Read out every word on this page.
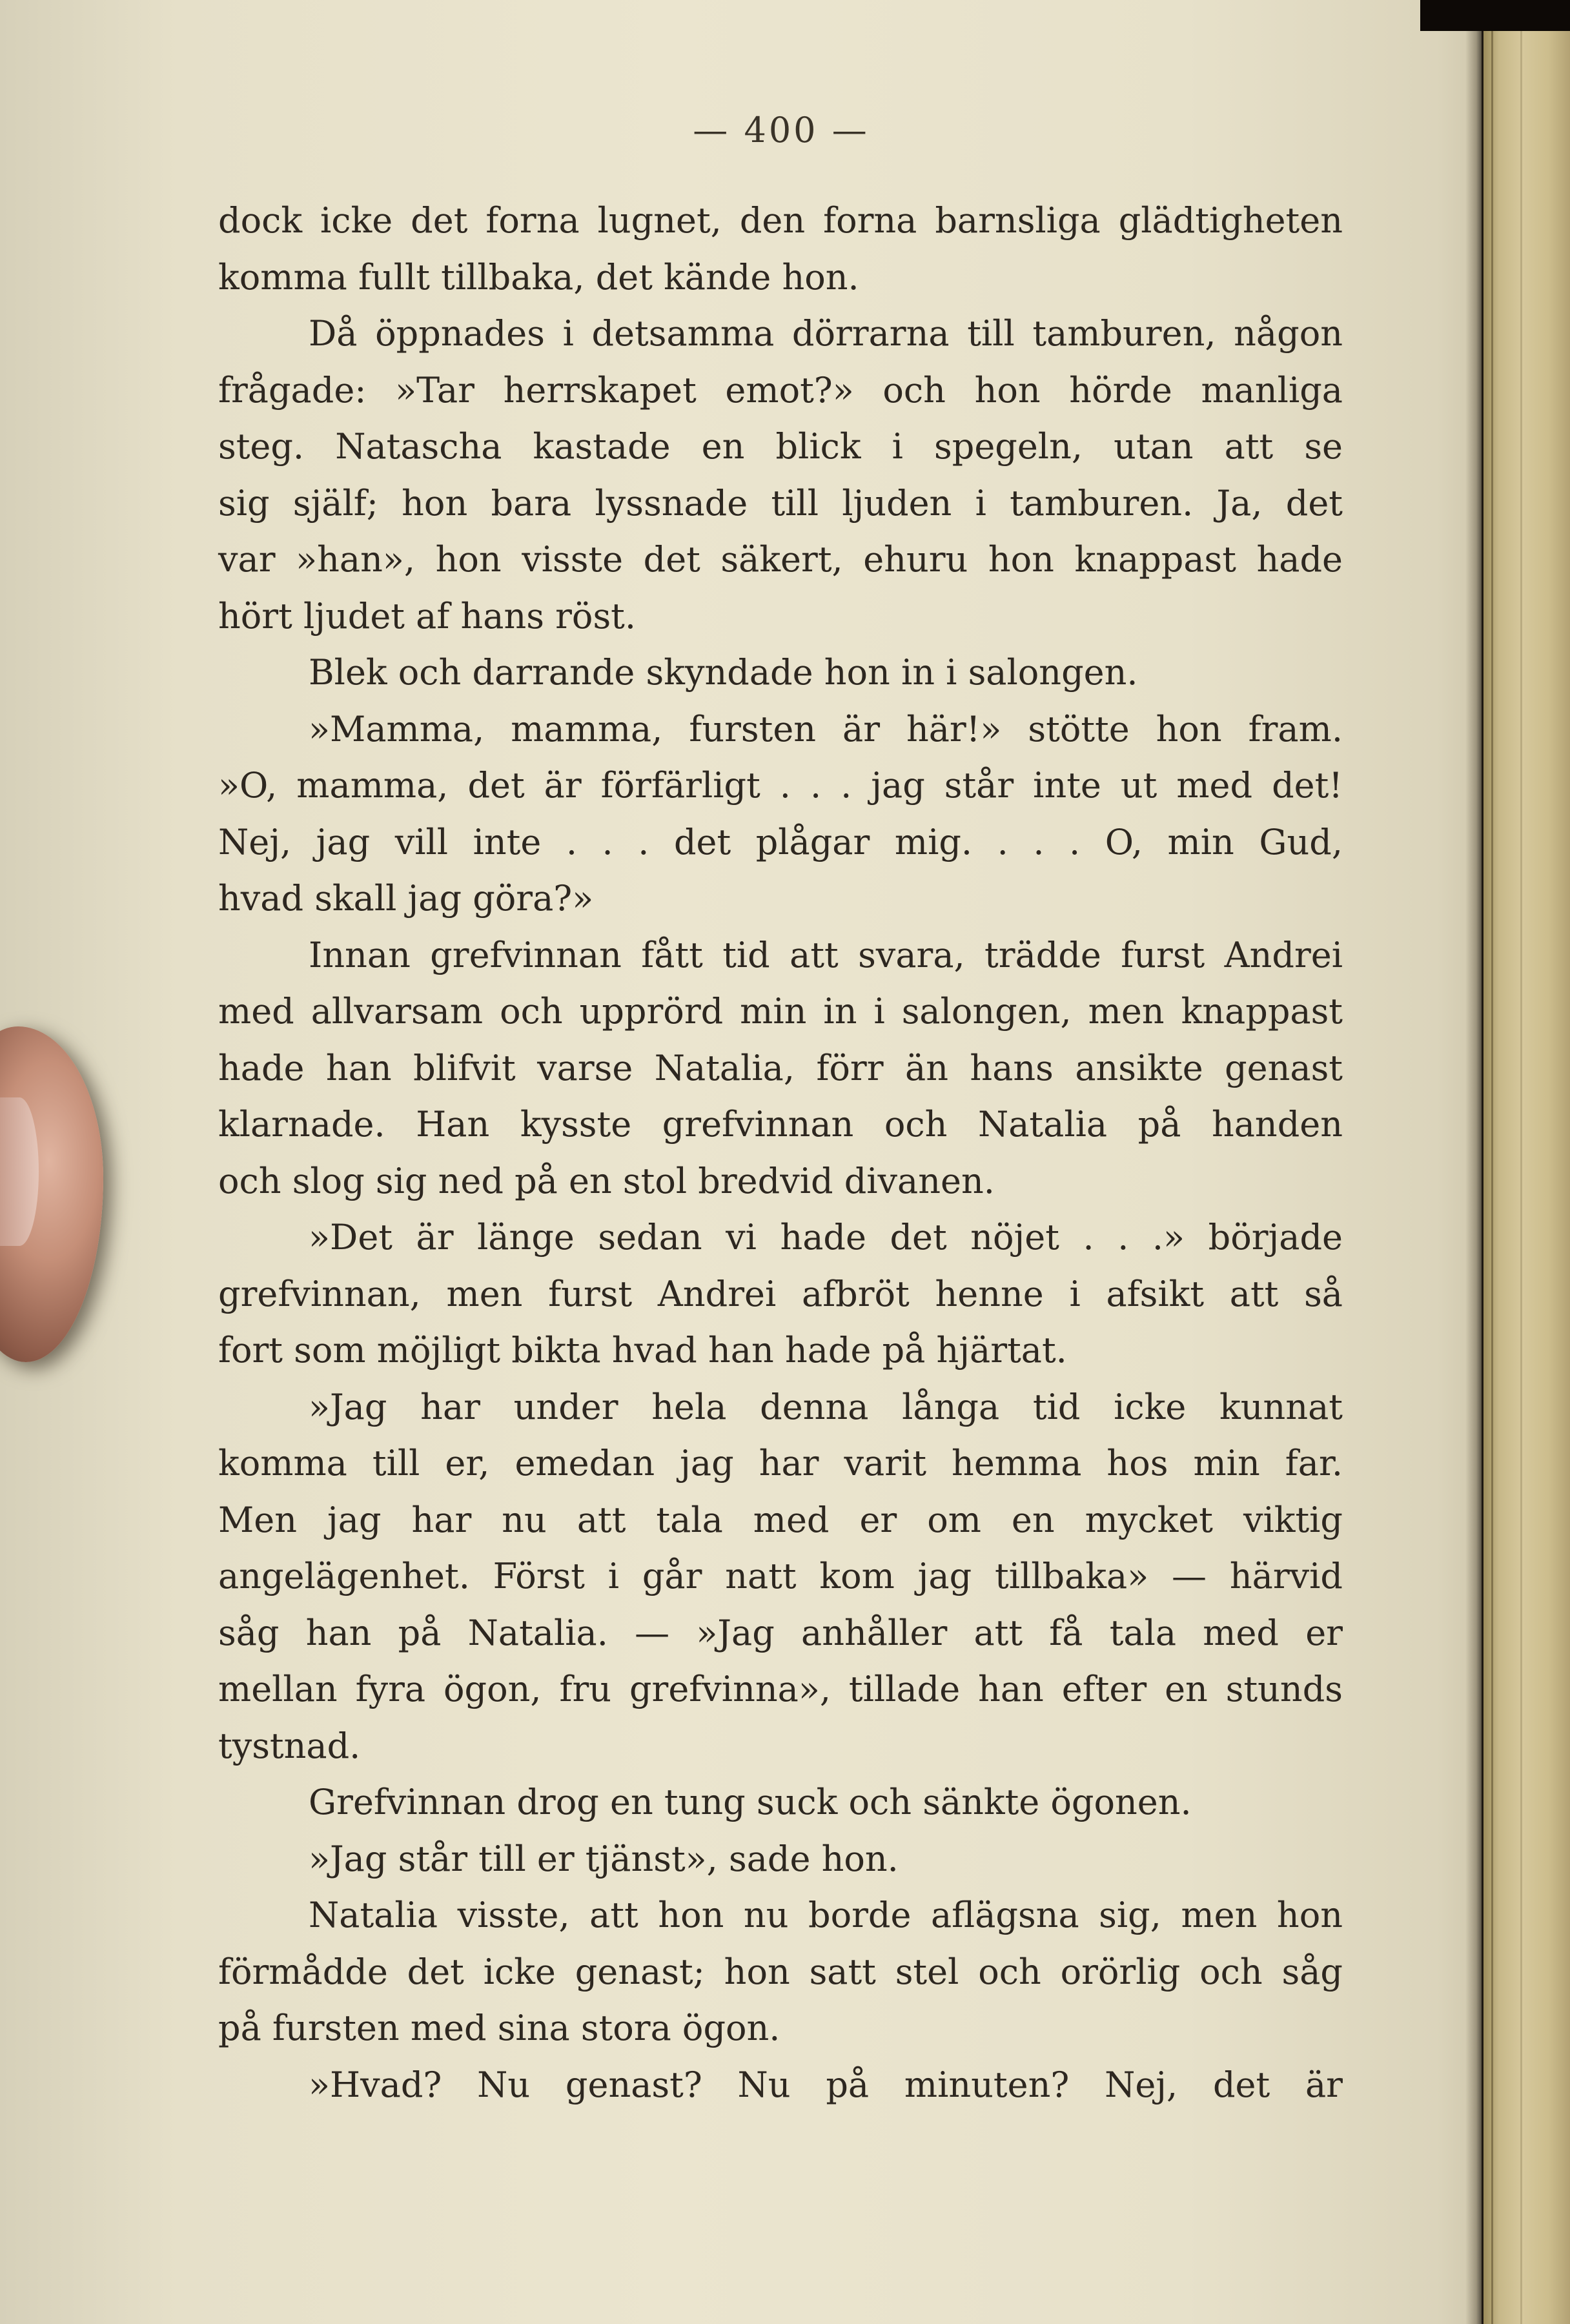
— 400 —
dock icke det forna lugnet, den forna barnsliga glädtigheten
komma fullt tillbaka, det kände hon.
Då öppnades i detsamma dörrarna till tamburen, någon
frågade: »Tar herrskapet emot?» och hon hörde manliga
steg. Natascha kastade en blick i spegeln, utan att se
sig själf; hon bara lyssnade till ljuden i tamburen. Ja, det
var »han», hon visste det säkert, ehuru hon knappast hade
hört ljudet af hans röst.
Blek och darrande skyndade hon in i salongen.
»Mamma, mamma, fursten är här!» stötte hon fram.
»O, mamma, det är förfärligt . . . jag står inte ut med det!
Nej, jag vill inte . . . det plågar mig. . . . O, min Gud,
hvad skall jag göra?»
Innan grefvinnan fått tid att svara, trädde furst Andrei
med allvarsam och upprörd min in i salongen, men knappast
hade han blifvit varse Natalia, förr än hans ansikte genast
klarnade. Han kysste grefvinnan och Natalia på handen
och slog sig ned på en stol bredvid divanen.
»Det är länge sedan vi hade det nöjet . . .» började
grefvinnan, men furst Andrei afbröt henne i afsikt att så
fort som möjligt bikta hvad han hade på hjärtat.
»Jag har under hela denna långa tid icke kunnat
komma till er, emedan jag har varit hemma hos min far.
Men jag har nu att tala med er om en mycket viktig
angelägenhet. Först i går natt kom jag tillbaka» — härvid
såg han på Natalia. — »Jag anhåller att få tala med er
mellan fyra ögon, fru grefvinna», tillade han efter en stunds
tystnad.
Grefvinnan drog en tung suck och sänkte ögonen.
»Jag står till er tjänst», sade hon.
Natalia visste, att hon nu borde aflägsna sig, men hon
förmådde det icke genast; hon satt stel och orörlig och såg
på fursten med sina stora ögon.
»Hvad? Nu genast? Nu på minuten? Nej, det är
